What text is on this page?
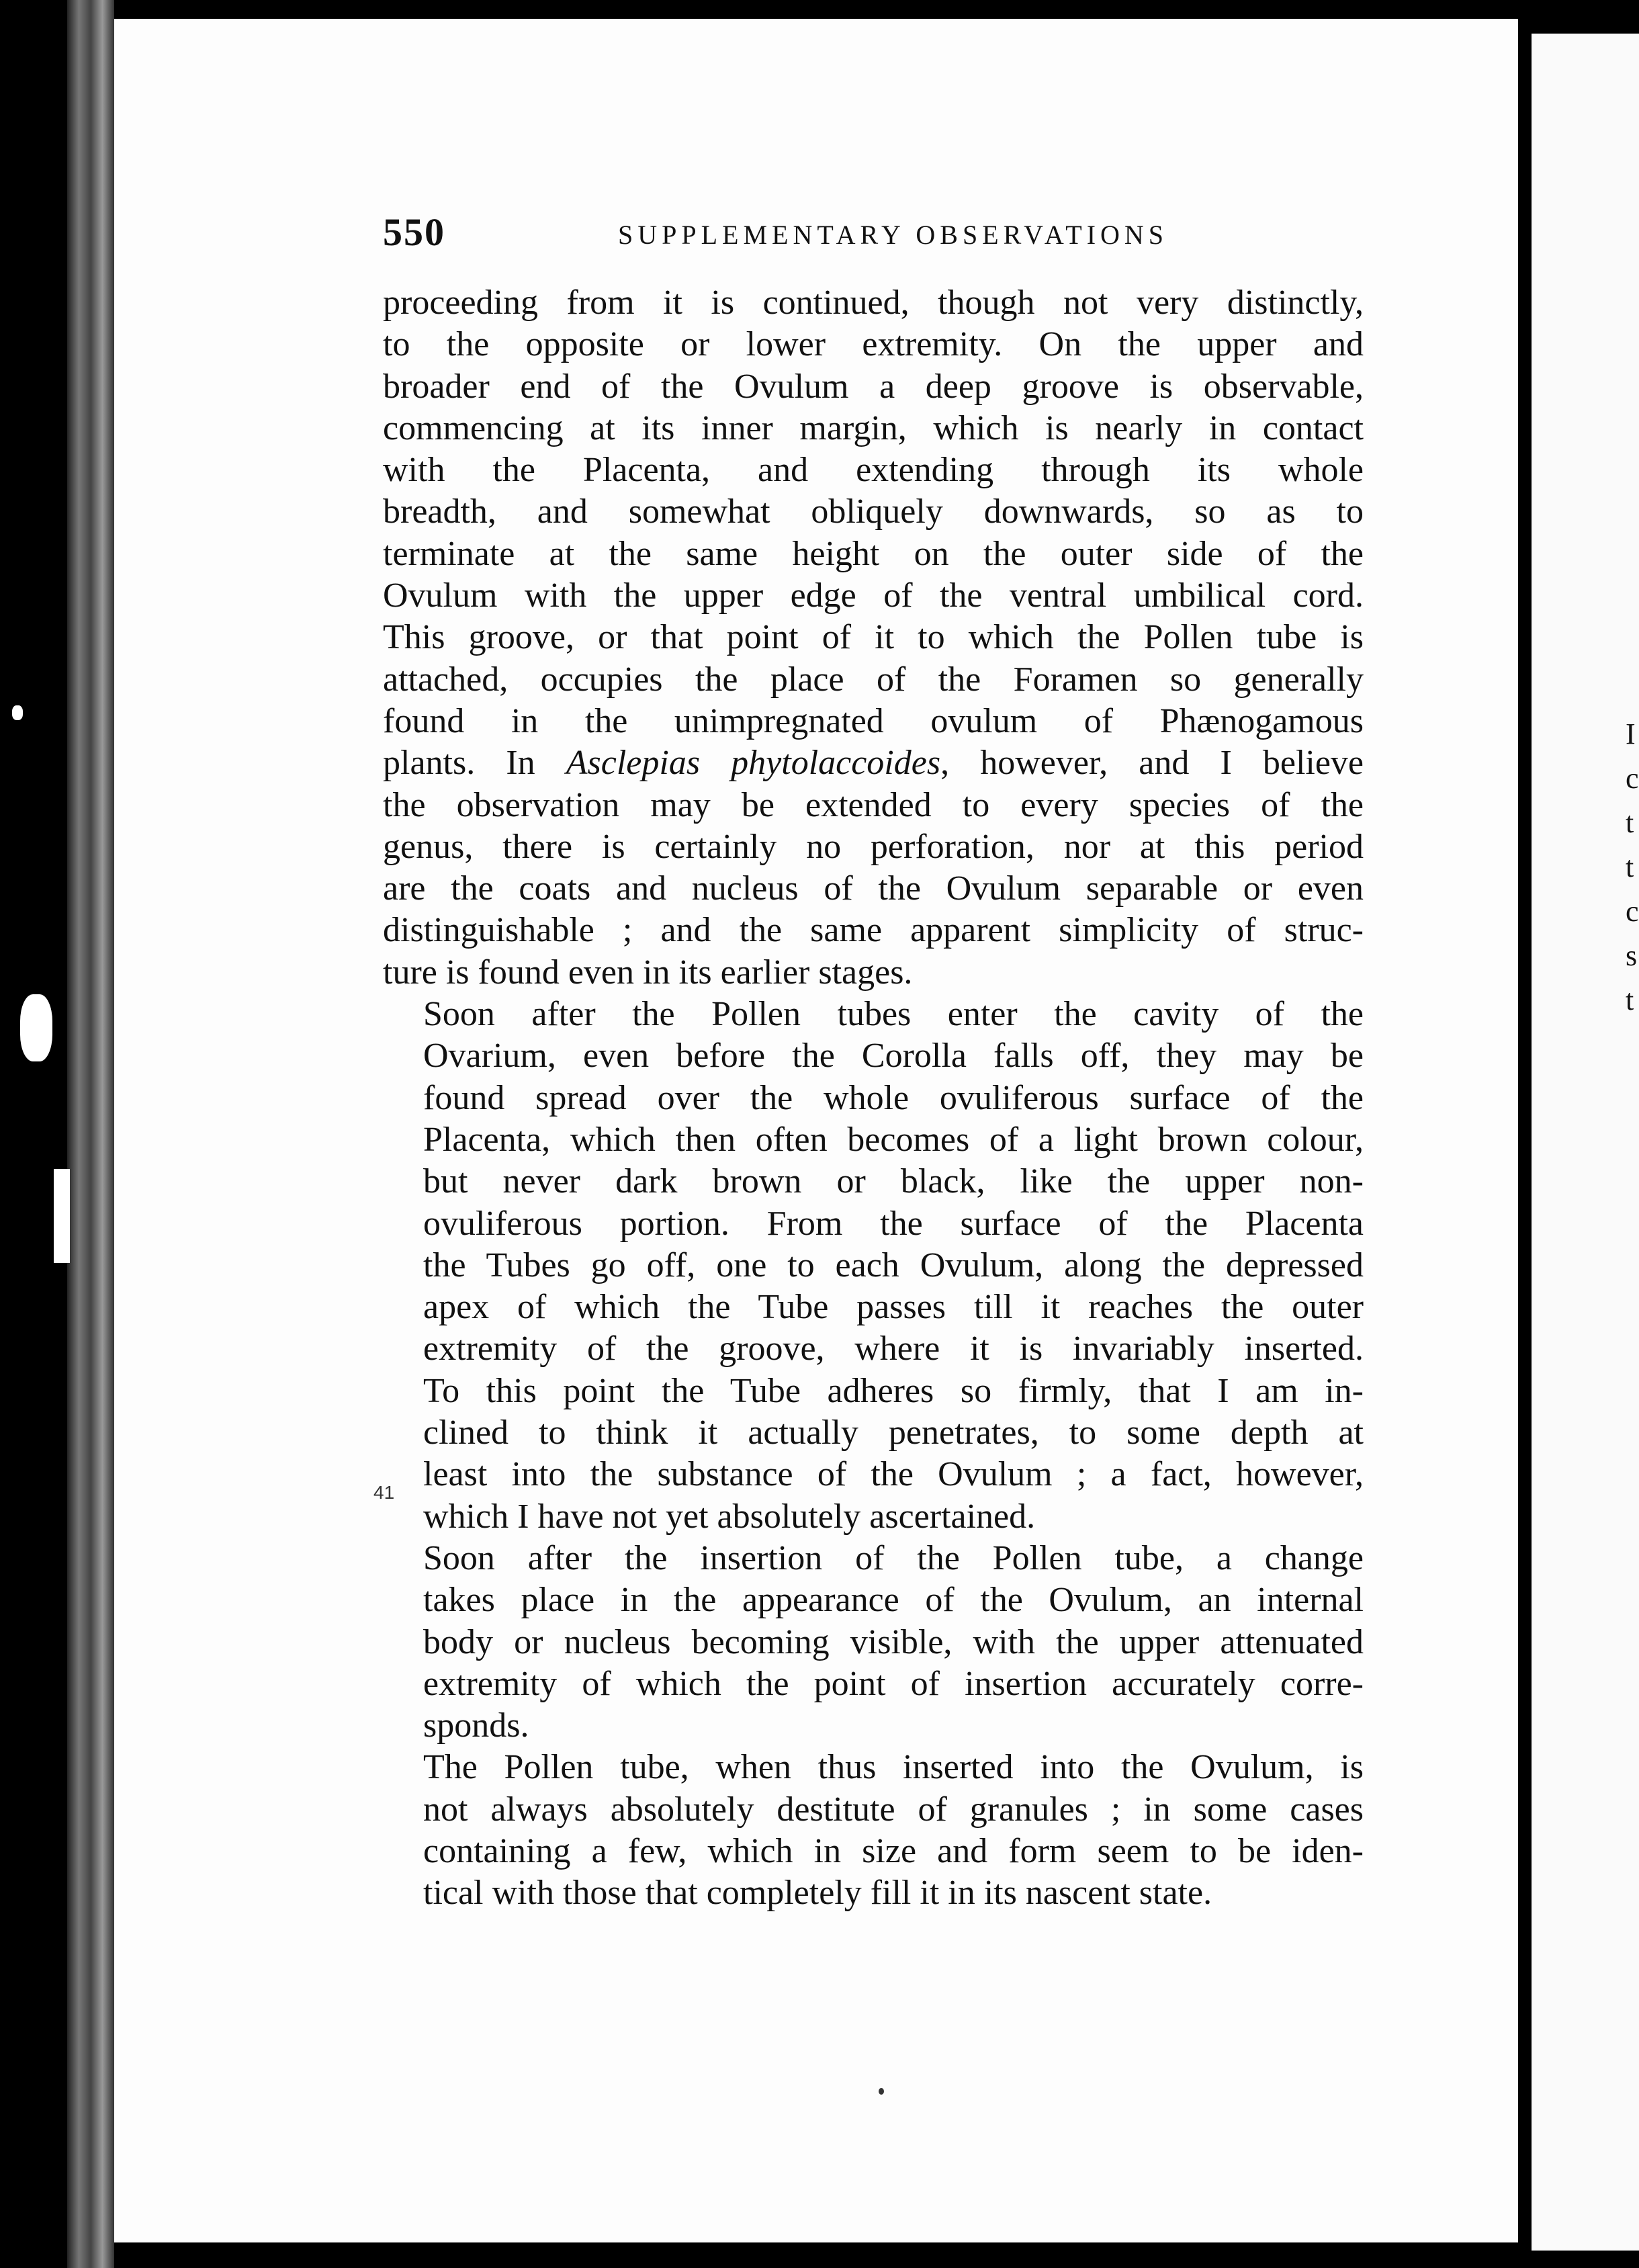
I
c
t
t
c
s
t
550	SUPPLEMENTARY OBSERVATIONS
41

proceeding from it is continued, though not very distinctly,
to the opposite or lower extremity. On the upper and
broader end of the Ovulum a deep groove is observable,
commencing at its inner margin, which is nearly in contact
with the Placenta, and extending through its whole
breadth, and somewhat obliquely downwards, so as to
terminate at the same height on the outer side of the
Ovulum with the upper edge of the ventral umbilical cord.
This groove, or that point of it to which the Pollen tube is
attached, occupies the place of the Foramen so generally
found in the unimpregnated ovulum of Phænogamous
plants. In Asclepias phytolaccoides, however, and I believe
the observation may be extended to every species of the
genus, there is certainly no perforation, nor at this period
are the coats and nucleus of the Ovulum separable or even
distinguishable ; and the same apparent simplicity of struc-
ture is found even in its earlier stages.

Soon after the Pollen tubes enter the cavity of the
Ovarium, even before the Corolla falls off, they may be
found spread over the whole ovuliferous surface of the
Placenta, which then often becomes of a light brown colour,
but never dark brown or black, like the upper non-
ovuliferous portion. From the surface of the Placenta
the Tubes go off, one to each Ovulum, along the depressed
apex of which the Tube passes till it reaches the outer
extremity of the groove, where it is invariably inserted.
To this point the Tube adheres so firmly, that I am in-
clined to think it actually penetrates, to some depth at
least into the substance of the Ovulum ; a fact, however,
which I have not yet absolutely ascertained.

Soon after the insertion of the Pollen tube, a change
takes place in the appearance of the Ovulum, an internal
body or nucleus becoming visible, with the upper attenuated
extremity of which the point of insertion accurately corre-
sponds.

The Pollen tube, when thus inserted into the Ovulum, is
not always absolutely destitute of granules ; in some cases
containing a few, which in size and form seem to be iden-
tical with those that completely fill it in its nascent state.
